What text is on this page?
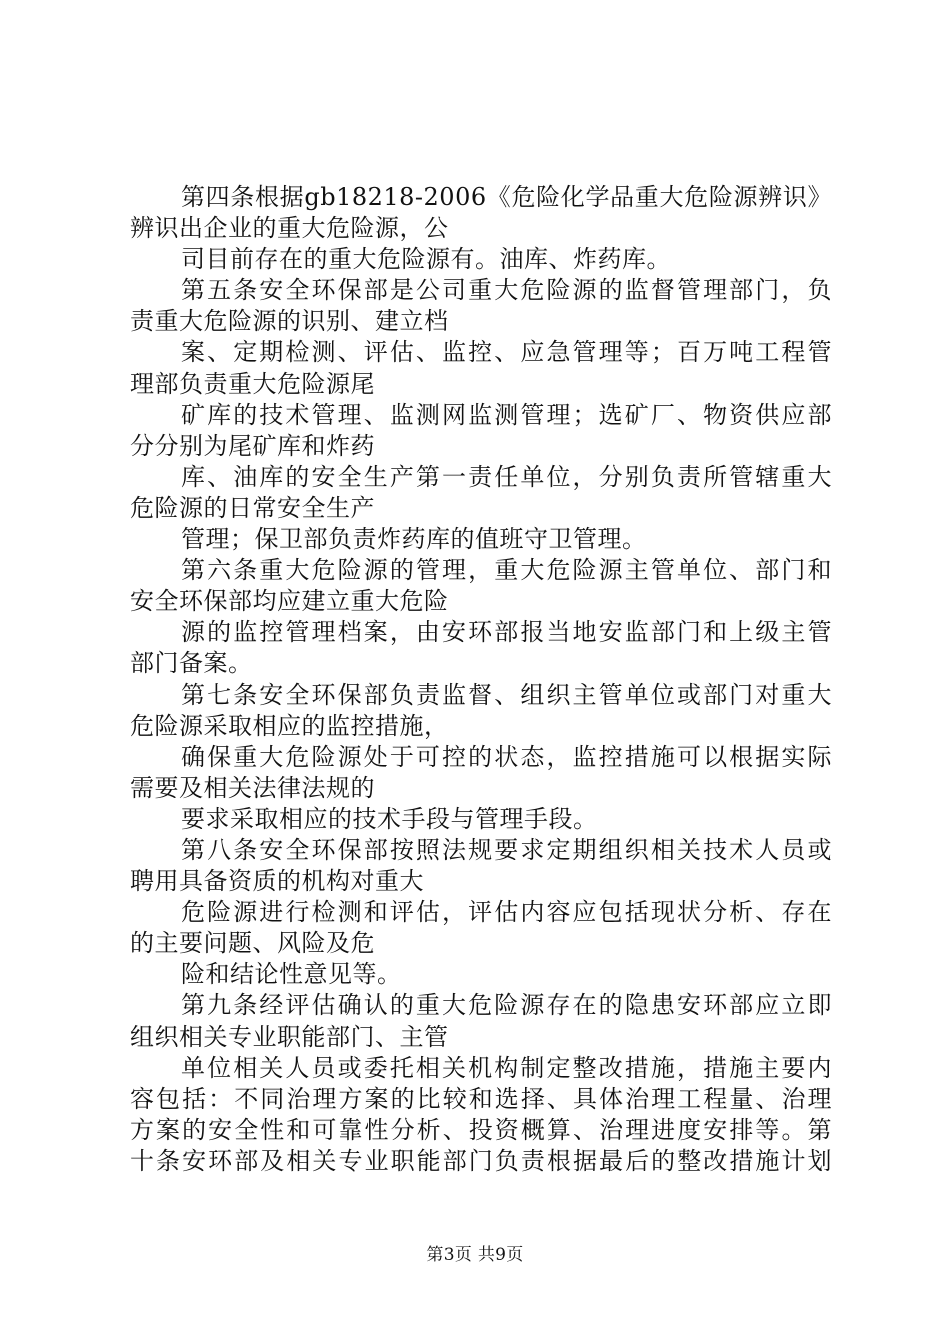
第四条根据gb18218-2006《危险化学品重大危险源辨识》
辨识出企业的重大危险源，公
司目前存在的重大危险源有。油库、炸药库。
第五条安全环保部是公司重大危险源的监督管理部门，负
责重大危险源的识别、建立档
案、定期检测、评估、监控、应急管理等；百万吨工程管
理部负责重大危险源尾
矿库的技术管理、监测网监测管理；选矿厂、物资供应部
分分别为尾矿库和炸药
库、油库的安全生产第一责任单位，分别负责所管辖重大
危险源的日常安全生产
管理；保卫部负责炸药库的值班守卫管理。
第六条重大危险源的管理，重大危险源主管单位、部门和
安全环保部均应建立重大危险
源的监控管理档案，由安环部报当地安监部门和上级主管
部门备案。
第七条安全环保部负责监督、组织主管单位或部门对重大
危险源采取相应的监控措施，
确保重大危险源处于可控的状态，监控措施可以根据实际
需要及相关法律法规的
要求采取相应的技术手段与管理手段。
第八条安全环保部按照法规要求定期组织相关技术人员或
聘用具备资质的机构对重大
危险源进行检测和评估，评估内容应包括现状分析、存在
的主要问题、风险及危
险和结论性意见等。
第九条经评估确认的重大危险源存在的隐患安环部应立即
组织相关专业职能部门、主管
单位相关人员或委托相关机构制定整改措施，措施主要内
容包括：不同治理方案的比较和选择、具体治理工程量、治理
方案的安全性和可靠性分析、投资概算、治理进度安排等。第
十条安环部及相关专业职能部门负责根据最后的整改措施计划
第3页 共9页
